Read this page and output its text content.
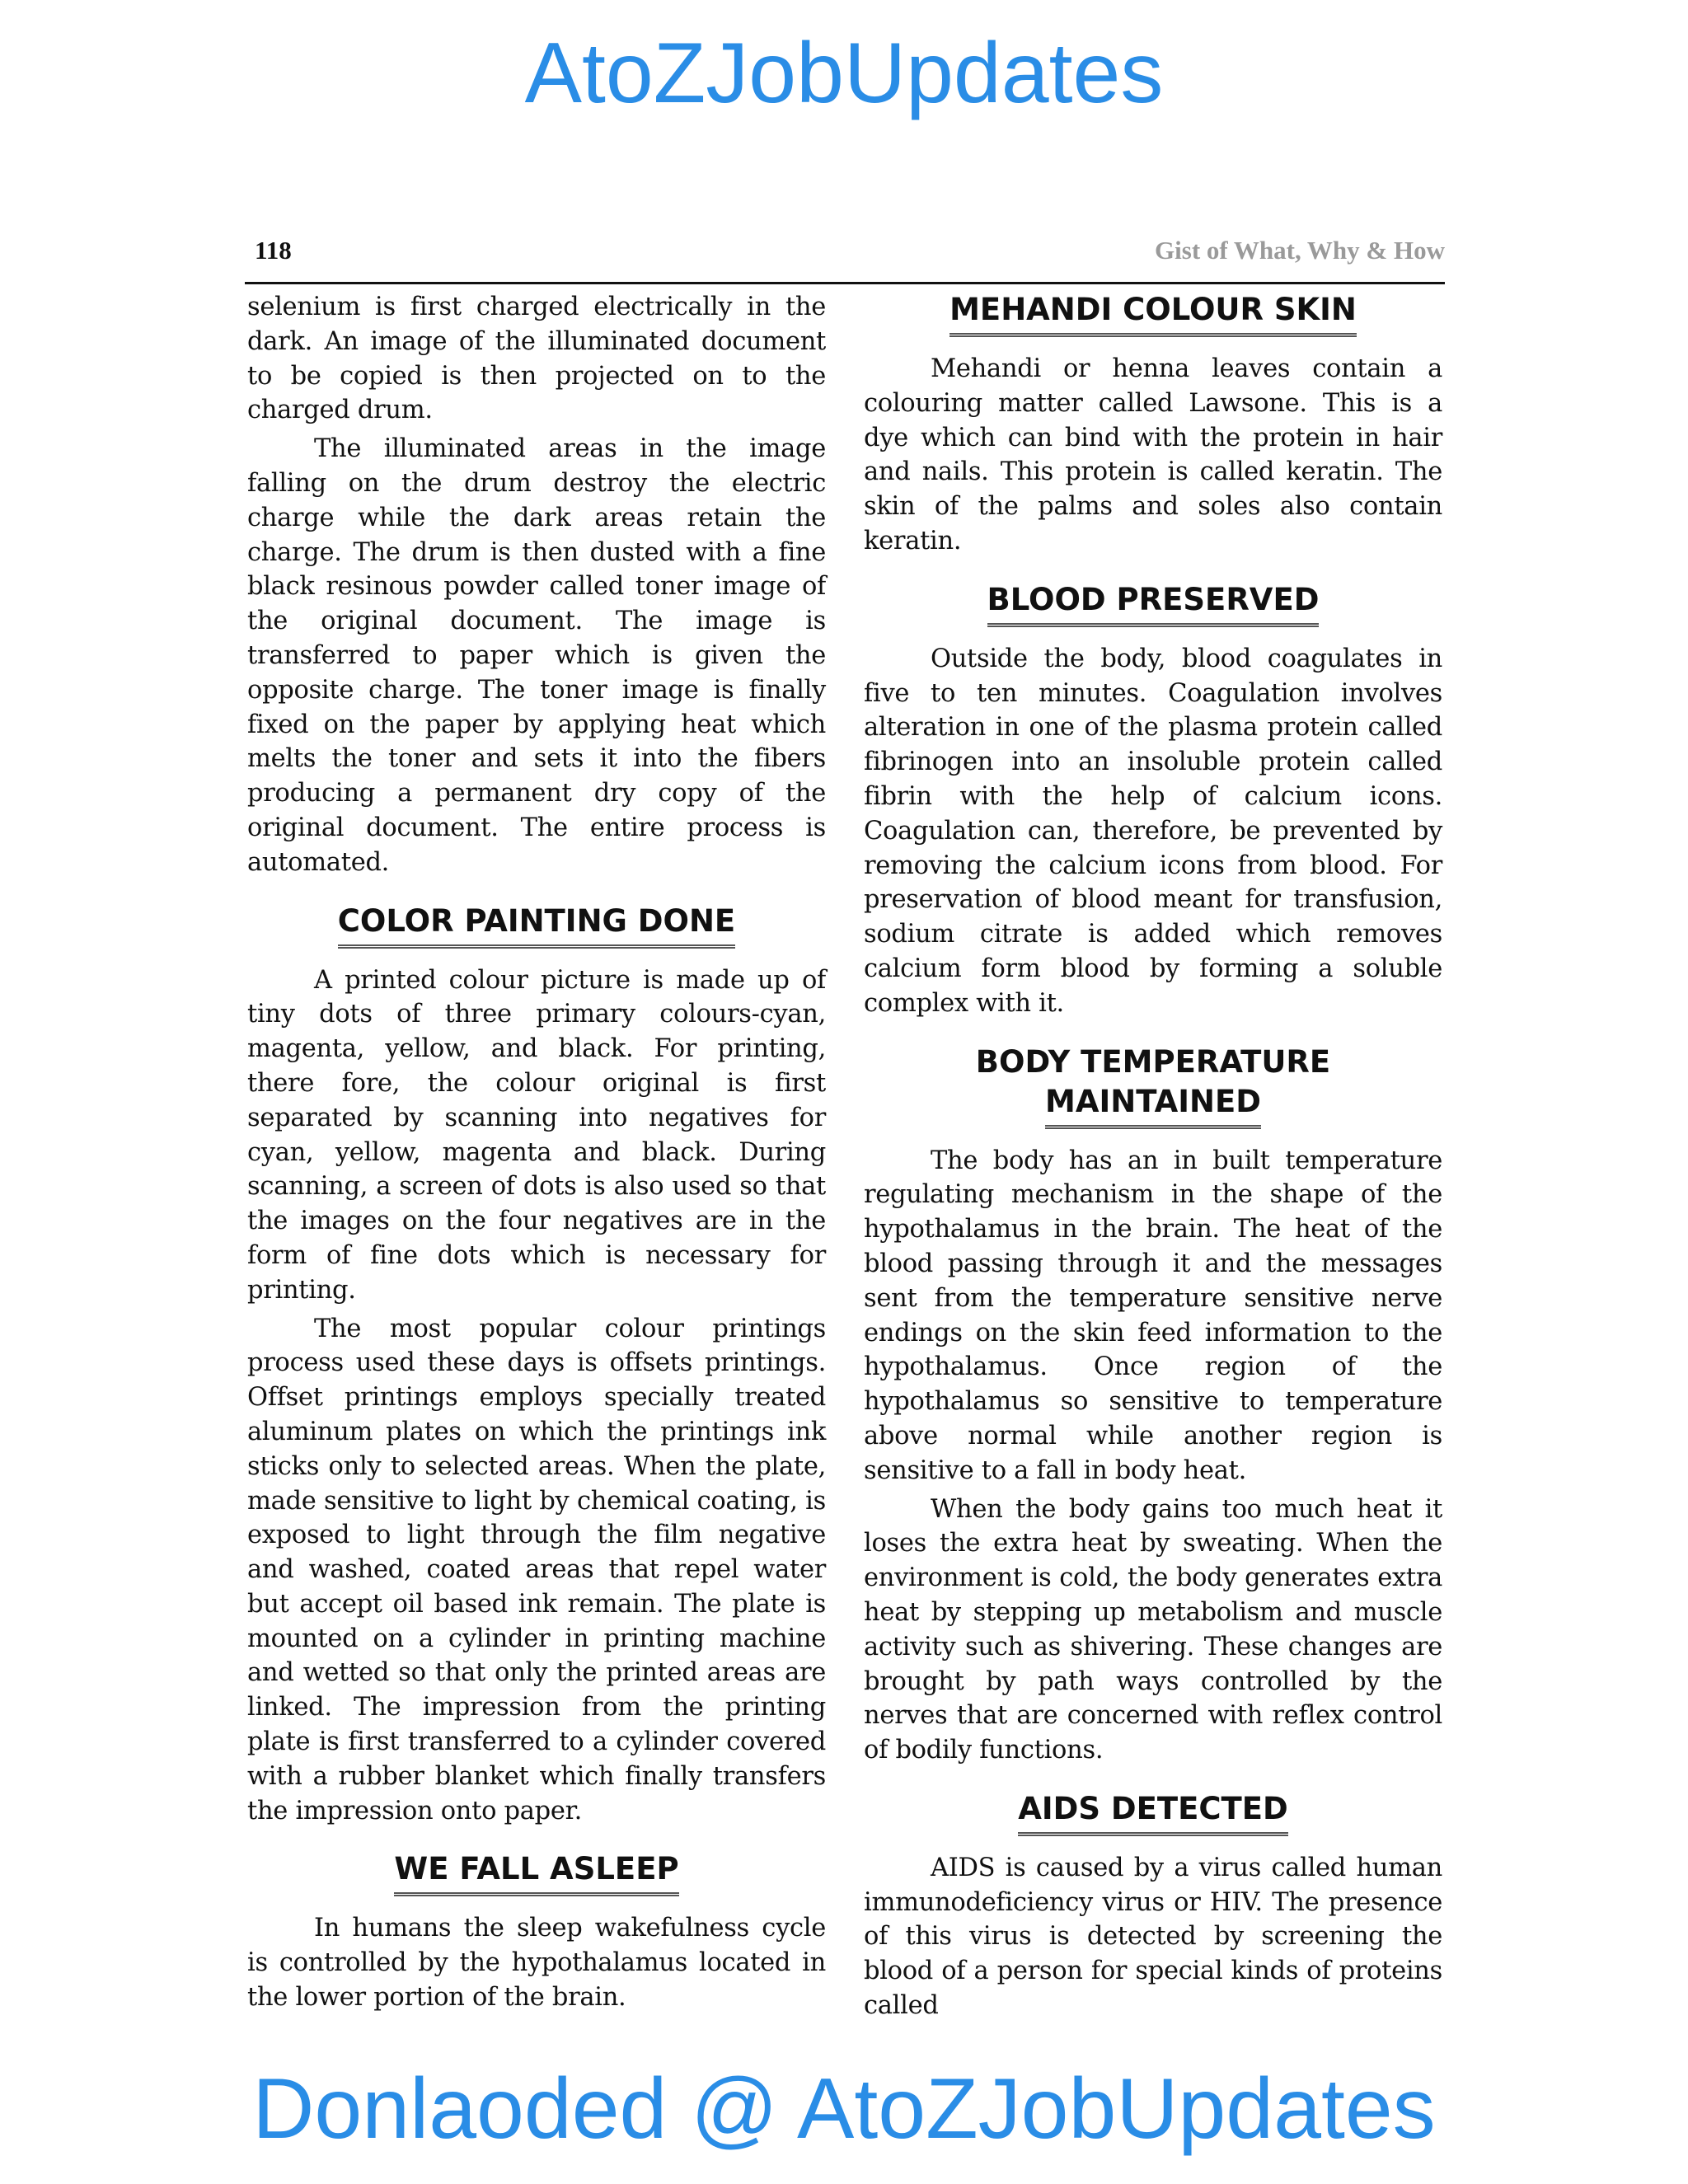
AtoZJobUpdates
118	Gist of What, Why & How

selenium is first charged electrically in the dark. An image of the illuminated document to be copied is then projected on to the charged drum.

The illuminated areas in the image falling on the drum destroy the electric charge while the dark areas retain the charge. The drum is then dusted with a fine black resinous powder called toner image of the original document. The image is transferred to paper which is given the opposite charge. The toner image is finally fixed on the paper by applying heat which melts the toner and sets it into the fibers producing a permanent dry copy of the original document. The entire process is automated.

COLOR PAINTING DONE

A printed colour picture is made up of tiny dots of three primary colours-cyan, magenta, yellow, and black. For printing, there fore, the colour original is first separated by scanning into negatives for cyan, yellow, magenta and black. During scanning, a screen of dots is also used so that the images on the four negatives are in the form of fine dots which is necessary for printing.

The most popular colour printings process used these days is offsets printings. Offset printings employs specially treated aluminum plates on which the printings ink sticks only to selected areas. When the plate, made sensitive to light by chemical coating, is exposed to light through the film negative and washed, coated areas that repel water but accept oil based ink remain. The plate is mounted on a cylinder in printing machine and wetted so that only the printed areas are linked. The impression from the printing plate is first transferred to a cylinder covered with a rubber blanket which finally transfers the impression onto paper.

WE FALL ASLEEP

In humans the sleep wakefulness cycle is controlled by the hypothalamus located in the lower portion of the brain.

MEHANDI COLOUR SKIN

Mehandi or henna leaves contain a colouring matter called Lawsone. This is a dye which can bind with the protein in hair and nails. This protein is called keratin. The skin of the palms and soles also contain keratin.

BLOOD PRESERVED

Outside the body, blood coagulates in five to ten minutes. Coagulation involves alteration in one of the plasma protein called fibrinogen into an insoluble protein called fibrin with the help of calcium icons. Coagulation can, therefore, be prevented by removing the calcium icons from blood. For preservation of blood meant for transfusion, sodium citrate is added which removes calcium form blood by forming a soluble complex with it.

BODY TEMPERATURE
MAINTAINED

The body has an in built temperature regulating mechanism in the shape of the hypothalamus in the brain. The heat of the blood passing through it and the messages sent from the temperature sensitive nerve endings on the skin feed information to the hypothalamus. Once region of the hypothalamus so sensitive to temperature above normal while another region is sensitive to a fall in body heat.

When the body gains too much heat it loses the extra heat by sweating. When the environment is cold, the body generates extra heat by stepping up metabolism and muscle activity such as shivering. These changes are brought by path ways controlled by the nerves that are concerned with reflex control of bodily functions.

AIDS DETECTED

AIDS is caused by a virus called human immunodeficiency virus or HIV. The presence of this virus is detected by screening the blood of a person for special kinds of proteins called

Donlaoded @ AtoZJobUpdates
